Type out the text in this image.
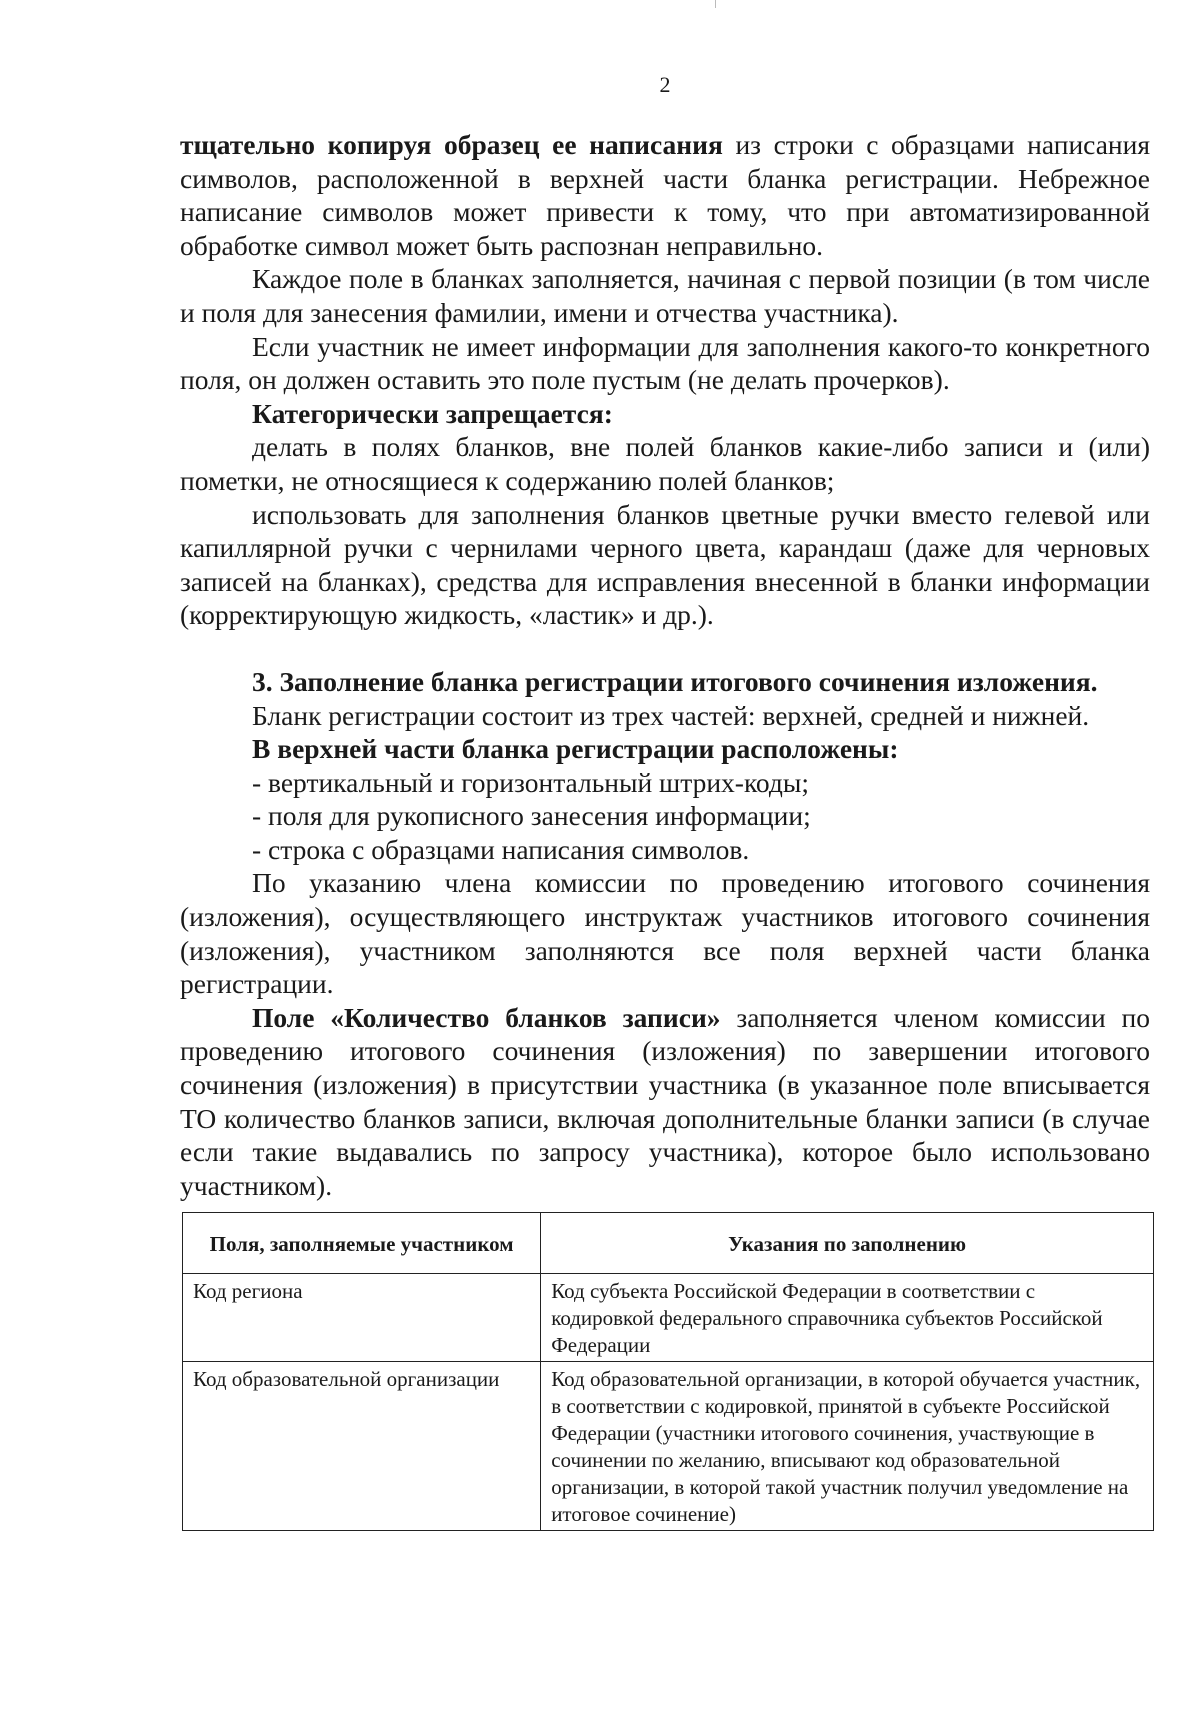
2

тщательно копируя образец ее написания из строки с образцами написания символов, расположенной в верхней части бланка регистрации. Небрежное написание символов может привести к тому, что при автоматизированной обработке символ может быть распознан неправильно.

Каждое поле в бланках заполняется, начиная с первой позиции (в том числе и поля для занесения фамилии, имени и отчества участника).

Если участник не имеет информации для заполнения какого-то конкретного поля, он должен оставить это поле пустым (не делать прочерков).

Категорически запрещается:

делать в полях бланков, вне полей бланков какие-либо записи и (или) пометки, не относящиеся к содержанию полей бланков;

использовать для заполнения бланков цветные ручки вместо гелевой или капиллярной ручки с чернилами черного цвета, карандаш (даже для черновых записей на бланках), средства для исправления внесенной в бланки информации (корректирующую жидкость, «ластик» и др.).

3. Заполнение бланка регистрации итогового сочинения изложения.

Бланк регистрации состоит из трех частей: верхней, средней и нижней.

В верхней части бланка регистрации расположены:

- вертикальный и горизонтальный штрих-коды;

- поля для рукописного занесения информации;

- строка с образцами написания символов.

По указанию члена комиссии по проведению итогового сочинения (изложения), осуществляющего инструктаж участников итогового сочинения (изложения), участником заполняются все поля верхней части бланка регистрации.

Поле «Количество бланков записи» заполняется членом комиссии по проведению итогового сочинения (изложения) по завершении итогового сочинения (изложения) в присутствии участника (в указанное поле вписывается ТО количество бланков записи, включая дополнительные бланки записи (в случае если такие выдавались по запросу участника), которое было использовано участником).

Поля, заполняемые участником	Указания по заполнению
Код региона	Код субъекта Российской Федерации в соответствии с кодировкой федерального справочника субъектов Российской Федерации
Код образовательной организации	Код образовательной организации, в которой обучается участник, в соответствии с кодировкой, принятой в субъекте Российской Федерации (участники итогового сочинения, участвующие в сочинении по желанию, вписывают код образовательной организации, в которой такой участник получил уведомление на итоговое сочинение)
